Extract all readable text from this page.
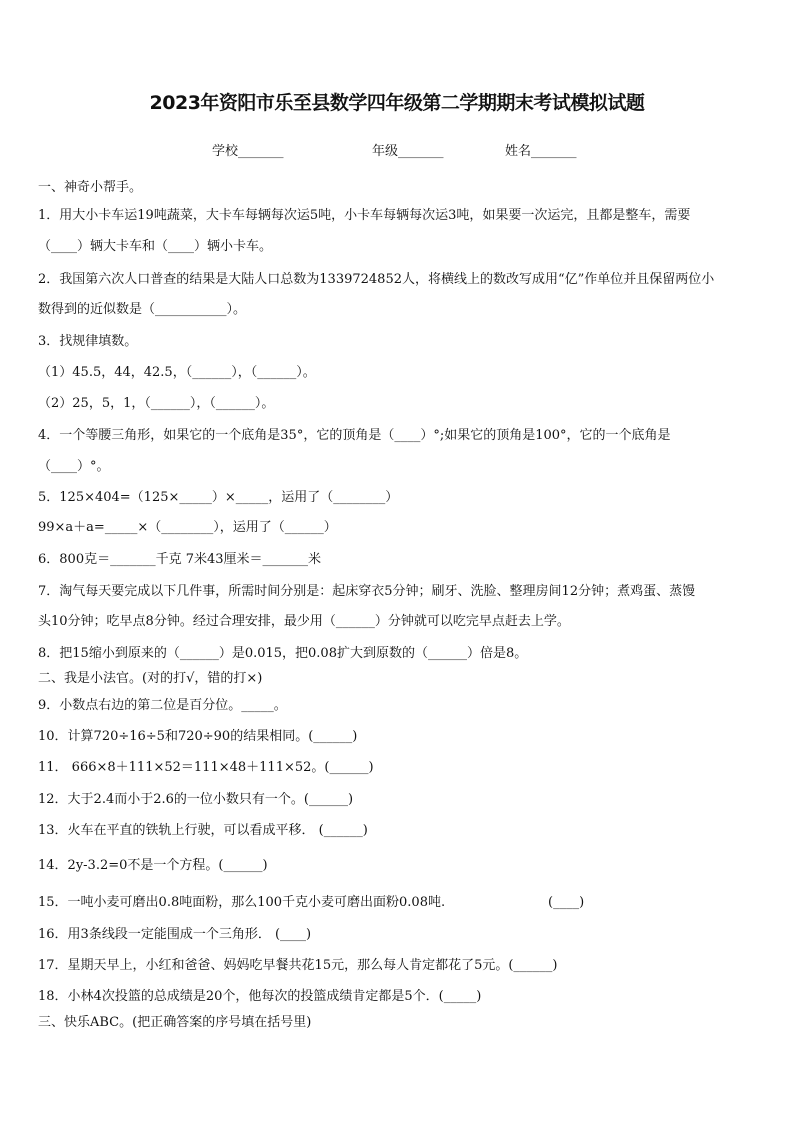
2023年资阳市乐至县数学四年级第二学期期末考试模拟试题
学校_______	年级_______	姓名_______
一、神奇小帮手。
1．用大小卡车运19吨蔬菜，大卡车每辆每次运5吨，小卡车每辆每次运3吨，如果要一次运完，且都是整车，需要
（____）辆大卡车和（____）辆小卡车。
2．我国第六次人口普查的结果是大陆人口总数为1339724852人，将横线上的数改写成用“亿”作单位并且保留两位小
数得到的近似数是（___________）。
3．找规律填数。
（1）45.5，44，42.5，（______），（______）。
（2）25，5，1，（______），（______）。
4．一个等腰三角形，如果它的一个底角是35°，它的顶角是（____）°;如果它的顶角是100°，它的一个底角是
（____）°。
5．125×404=（125×_____）×_____，运用了（________）
99×a＋a=_____×（________），运用了（______）
6．800克＝_______千克 7米43厘米＝_______米
7．淘气每天要完成以下几件事，所需时间分别是：起床穿衣5分钟；刷牙、洗脸、整理房间12分钟；煮鸡蛋、蒸馒
头10分钟；吃早点8分钟。经过合理安排，最少用（______）分钟就可以吃完早点赶去上学。
8．把15缩小到原来的（______）是0.015，把0.08扩大到原数的（______）倍是8。
二、我是小法官。(对的打√，错的打×)
9．小数点右边的第二位是百分位。_____。
10．计算720÷16÷5和720÷90的结果相同。(______)
11． 666×8＋111×52＝111×48＋111×52。(______)
12．大于2.4而小于2.6的一位小数只有一个。(______)
13．火车在平直的铁轨上行驶，可以看成平移． (______)
14．2y-3.2=0不是一个方程。(______)
15．一吨小麦可磨出0.8吨面粉，那么100千克小麦可磨出面粉0.08吨.	(____)
16．用3条线段一定能围成一个三角形． (____)
17．星期天早上，小红和爸爸、妈妈吃早餐共花15元，那么每人肯定都花了5元。(______)
18．小林4次投篮的总成绩是20个，他每次的投篮成绩肯定都是5个．(_____)
三、快乐ABC。(把正确答案的序号填在括号里)
